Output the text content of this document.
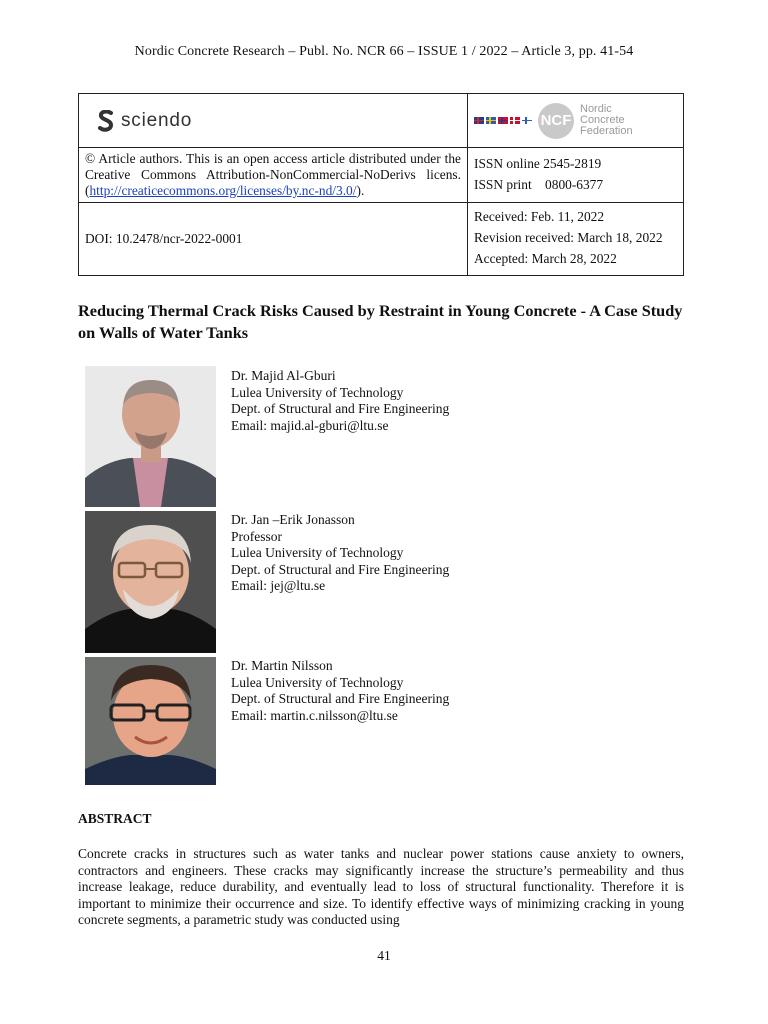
Nordic Concrete Research – Publ. No. NCR 66 – ISSUE 1 / 2022 – Article 3, pp. 41-54
sciendo	NCF
Nordic
Concrete
Federation

© Article authors. This is an open access article distributed under the Creative Commons Attribution-NonCommercial-NoDerivs licens. (http://creaticecommons.org/licenses/by.nc-nd/3.0/).	ISSN online 2545-2819

ISSN print    0800-6377

DOI: 10.2478/ncr-2022-0001	Received: Feb. 11, 2022

Revision received: March 18, 2022

Accepted: March 28, 2022

Reducing Thermal Crack Risks Caused by Restraint in Young Concrete - A Case Study on Walls of Water Tanks
Dr. Majid Al-Gburi
Lulea University of Technology
Dept. of Structural and Fire Engineering
Email: majid.al-gburi@ltu.se
Dr. Jan –Erik Jonasson
Professor
Lulea University of Technology
Dept. of Structural and Fire Engineering
Email: jej@ltu.se
Dr. Martin Nilsson
Lulea University of Technology
Dept. of Structural and Fire Engineering
Email: martin.c.nilsson@ltu.se
ABSTRACT
Concrete cracks in structures such as water tanks and nuclear power stations cause anxiety to owners, contractors and engineers. These cracks may significantly increase the structure’s permeability and thus increase leakage, reduce durability, and eventually lead to loss of structural functionality. Therefore it is important to minimize their occurrence and size. To identify effective ways of minimizing cracking in young concrete segments, a parametric study was conducted using
41
